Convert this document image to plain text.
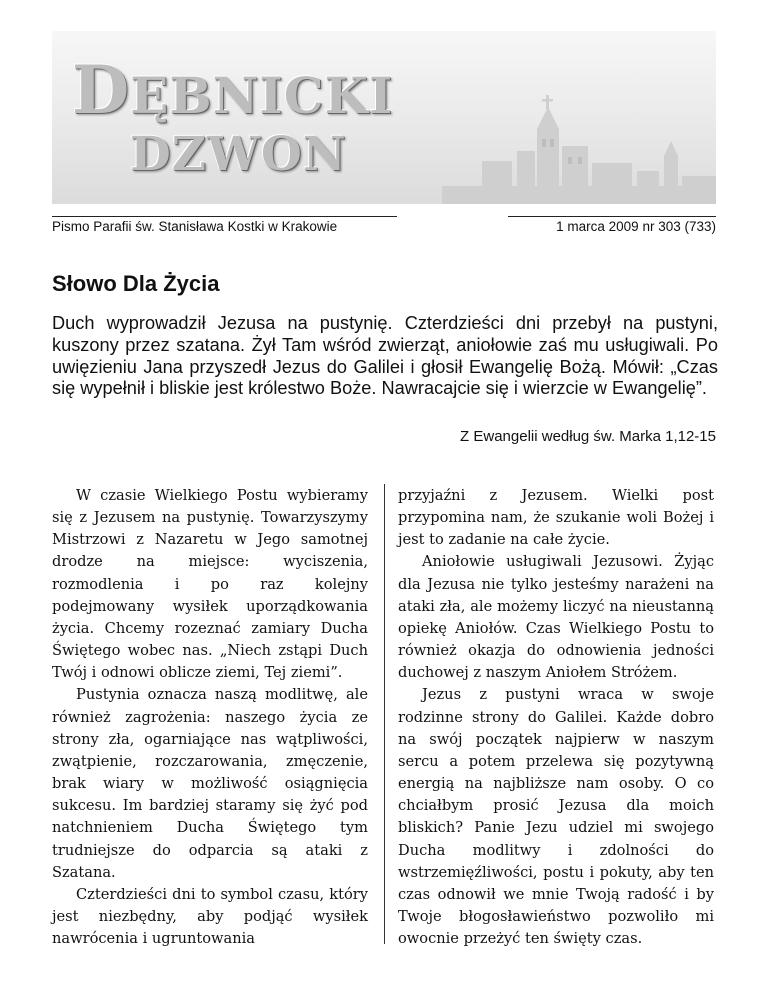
DĘBNICKI
DZWON
Pismo Parafii św. Stanisława Kostki w Krakowie	1 marca 2009 nr 303 (733)
Słowo Dla Życia
Duch wyprowadził Jezusa na pustynię. Czterdzieści dni przebył na pustyni, kuszony przez szatana. Żył Tam wśród zwierząt, aniołowie zaś mu usługiwali. Po uwięzieniu Jana przyszedł Jezus do Galilei i głosił Ewangelię Bożą. Mówił: „Czas się wypełnił i bliskie jest królestwo Boże. Nawracajcie się i wierzcie w Ewangelię”.
Z Ewangelii według św. Marka 1,12-15

W czasie Wielkiego Postu wybieramy się z Jezusem na pustynię. Towarzyszymy Mistrzowi z Nazaretu w Jego samotnej drodze na miejsce: wyciszenia, rozmodlenia i po raz kolejny podejmowany wysiłek uporządkowania życia. Chcemy rozeznać zamiary Ducha Świętego wobec nas. „Niech zstąpi Duch Twój i odnowi oblicze ziemi, Tej ziemi”.

Pustynia oznacza naszą modlitwę, ale również zagrożenia: naszego życia ze strony zła, ogarniające nas wątpliwości, zwątpienie, rozczarowania, zmęczenie, brak wiary w możliwość osiągnięcia sukcesu. Im bardziej staramy się żyć pod natchnieniem Ducha Świętego tym trudniejsze do odparcia są ataki z Szatana.

Czterdzieści dni to symbol czasu, który jest niezbędny, aby podjąć wysiłek nawrócenia i ugruntowania

przyjaźni z Jezusem. Wielki post przypomina nam, że szukanie woli Bożej i jest to zadanie na całe życie.

Aniołowie usługiwali Jezusowi. Żyjąc dla Jezusa nie tylko jesteśmy narażeni na ataki zła, ale możemy liczyć na nieustanną opiekę Aniołów. Czas Wielkiego Postu to również okazja do odnowienia jedności duchowej z naszym Aniołem Stróżem.

Jezus z pustyni wraca w swoje rodzinne strony do Galilei. Każde dobro na swój początek najpierw w naszym sercu a potem przelewa się pozytywną energią na najbliższe nam osoby. O co chciałbym prosić Jezusa dla moich bliskich? Panie Jezu udziel mi swojego Ducha modlitwy i zdolności do wstrzemięźliwości, postu i pokuty, aby ten czas odnowił we mnie Twoją radość i by Twoje błogosławieństwo pozwoliło mi owocnie przeżyć ten święty czas.
